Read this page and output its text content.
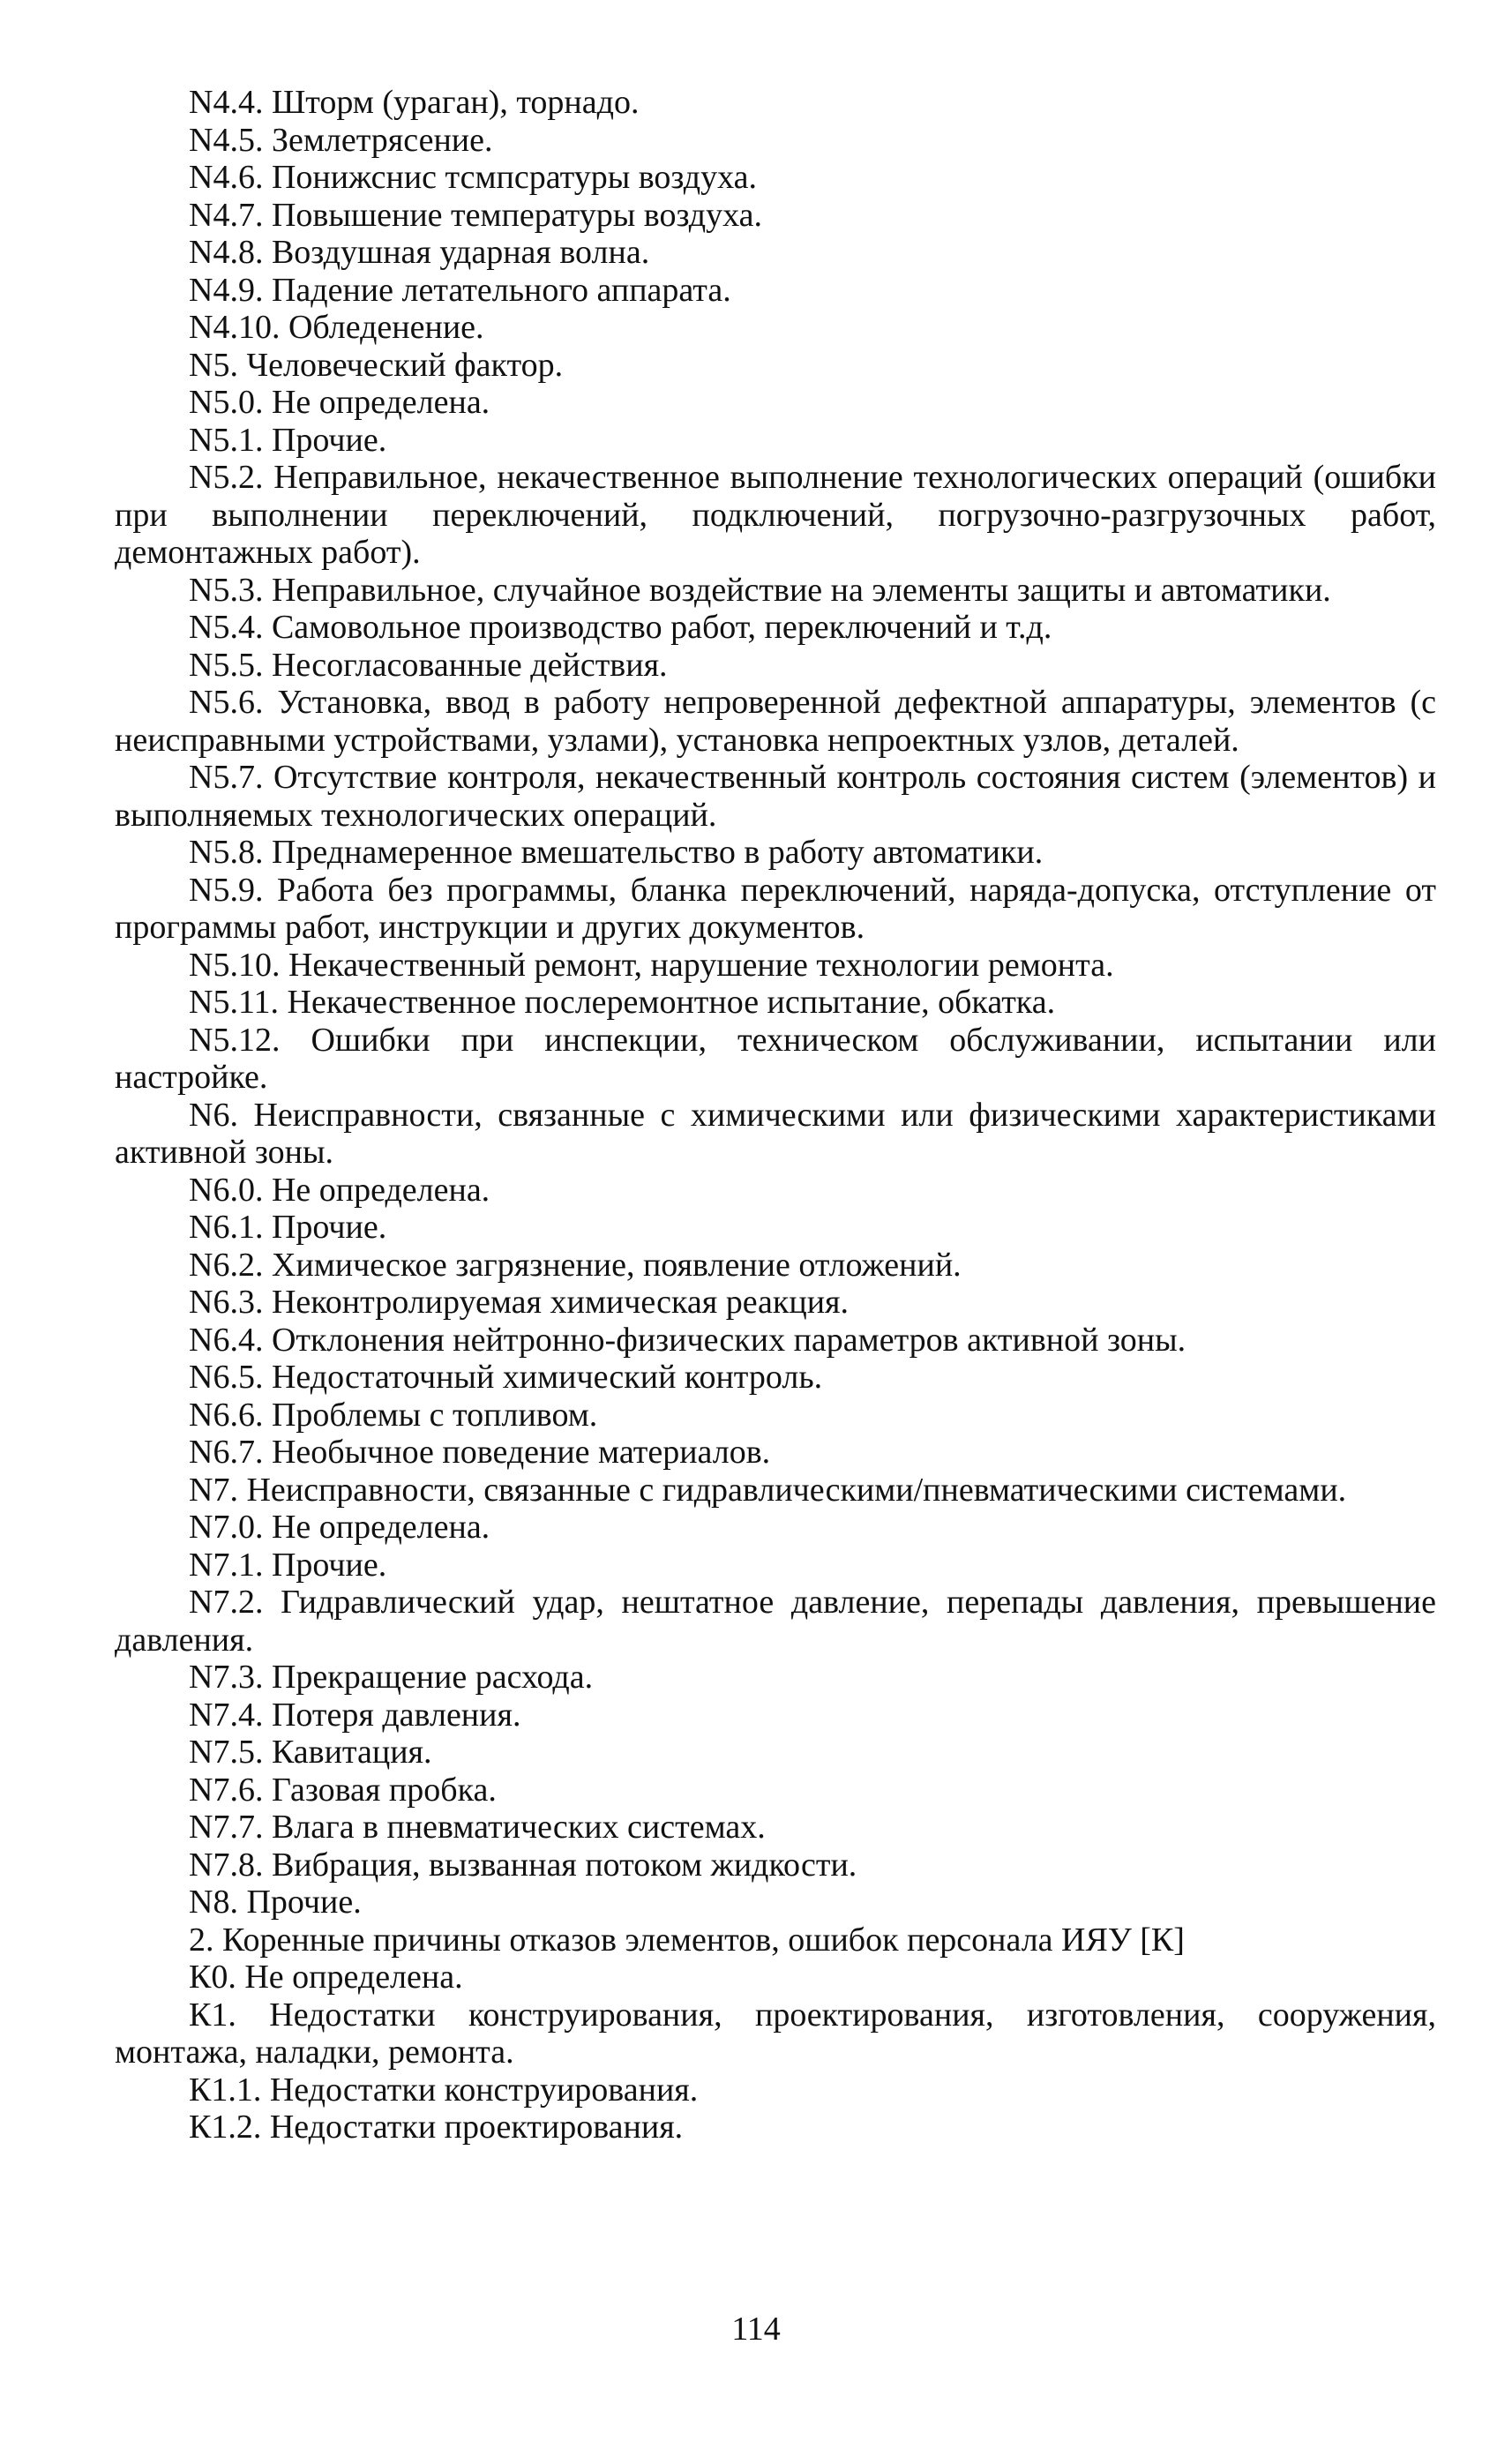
N4.4. Шторм (ураган), торнадо.

N4.5. Землетрясение.

N4.6. Понижснис тсмпсратуры воздуха.

N4.7. Повышение температуры воздуха.

N4.8. Воздушная ударная волна.

N4.9. Падение летательного аппарата.

N4.10. Обледенение.

N5. Человеческий фактор.

N5.0. Не определена.

N5.1. Прочие.

N5.2. Неправильное, некачественное выполнение технологических операций (ошибки при выполнении переключений, подключений, погрузочно-разгрузочных работ, демонтажных работ).

N5.3. Неправильное, случайное воздействие на элементы защиты и автоматики.

N5.4. Самовольное производство работ, переключений и т.д.

N5.5. Несогласованные действия.

N5.6. Установка, ввод в работу непроверенной дефектной аппаратуры, элементов (с неисправными устройствами, узлами), установка непроектных узлов, деталей.

N5.7. Отсутствие контроля, некачественный контроль состояния систем (элементов) и выполняемых технологических операций.

N5.8. Преднамеренное вмешательство в работу автоматики.

N5.9. Работа без программы, бланка переключений, наряда-допуска, отступление от программы работ, инструкции и других документов.

N5.10. Некачественный ремонт, нарушение технологии ремонта.

N5.11. Некачественное послеремонтное испытание, обкатка.

N5.12. Ошибки при инспекции, техническом обслуживании, испытании или настройке.

N6. Неисправности, связанные с химическими или физическими характеристиками активной зоны.

N6.0. Не определена.

N6.1. Прочие.

N6.2. Химическое загрязнение, появление отложений.

N6.3. Неконтролируемая химическая реакция.

N6.4. Отклонения нейтронно-физических параметров активной зоны.

N6.5. Недостаточный химический контроль.

N6.6. Проблемы с топливом.

N6.7. Необычное поведение материалов.

N7. Неисправности, связанные с гидравлическими/пневматическими системами.

N7.0. Не определена.

N7.1. Прочие.

N7.2. Гидравлический удар, нештатное давление, перепады давления, превышение давления.

N7.3. Прекращение расхода.

N7.4. Потеря давления.

N7.5. Кавитация.

N7.6. Газовая пробка.

N7.7. Влага в пневматических системах.

N7.8. Вибрация, вызванная потоком жидкости.

N8. Прочие.

2. Коренные причины отказов элементов, ошибок персонала ИЯУ [К]

К0. Не определена.

К1. Недостатки конструирования, проектирования, изготовления, сооружения, монтажа, наладки, ремонта.

К1.1. Недостатки конструирования.

К1.2. Недостатки проектирования.

114
